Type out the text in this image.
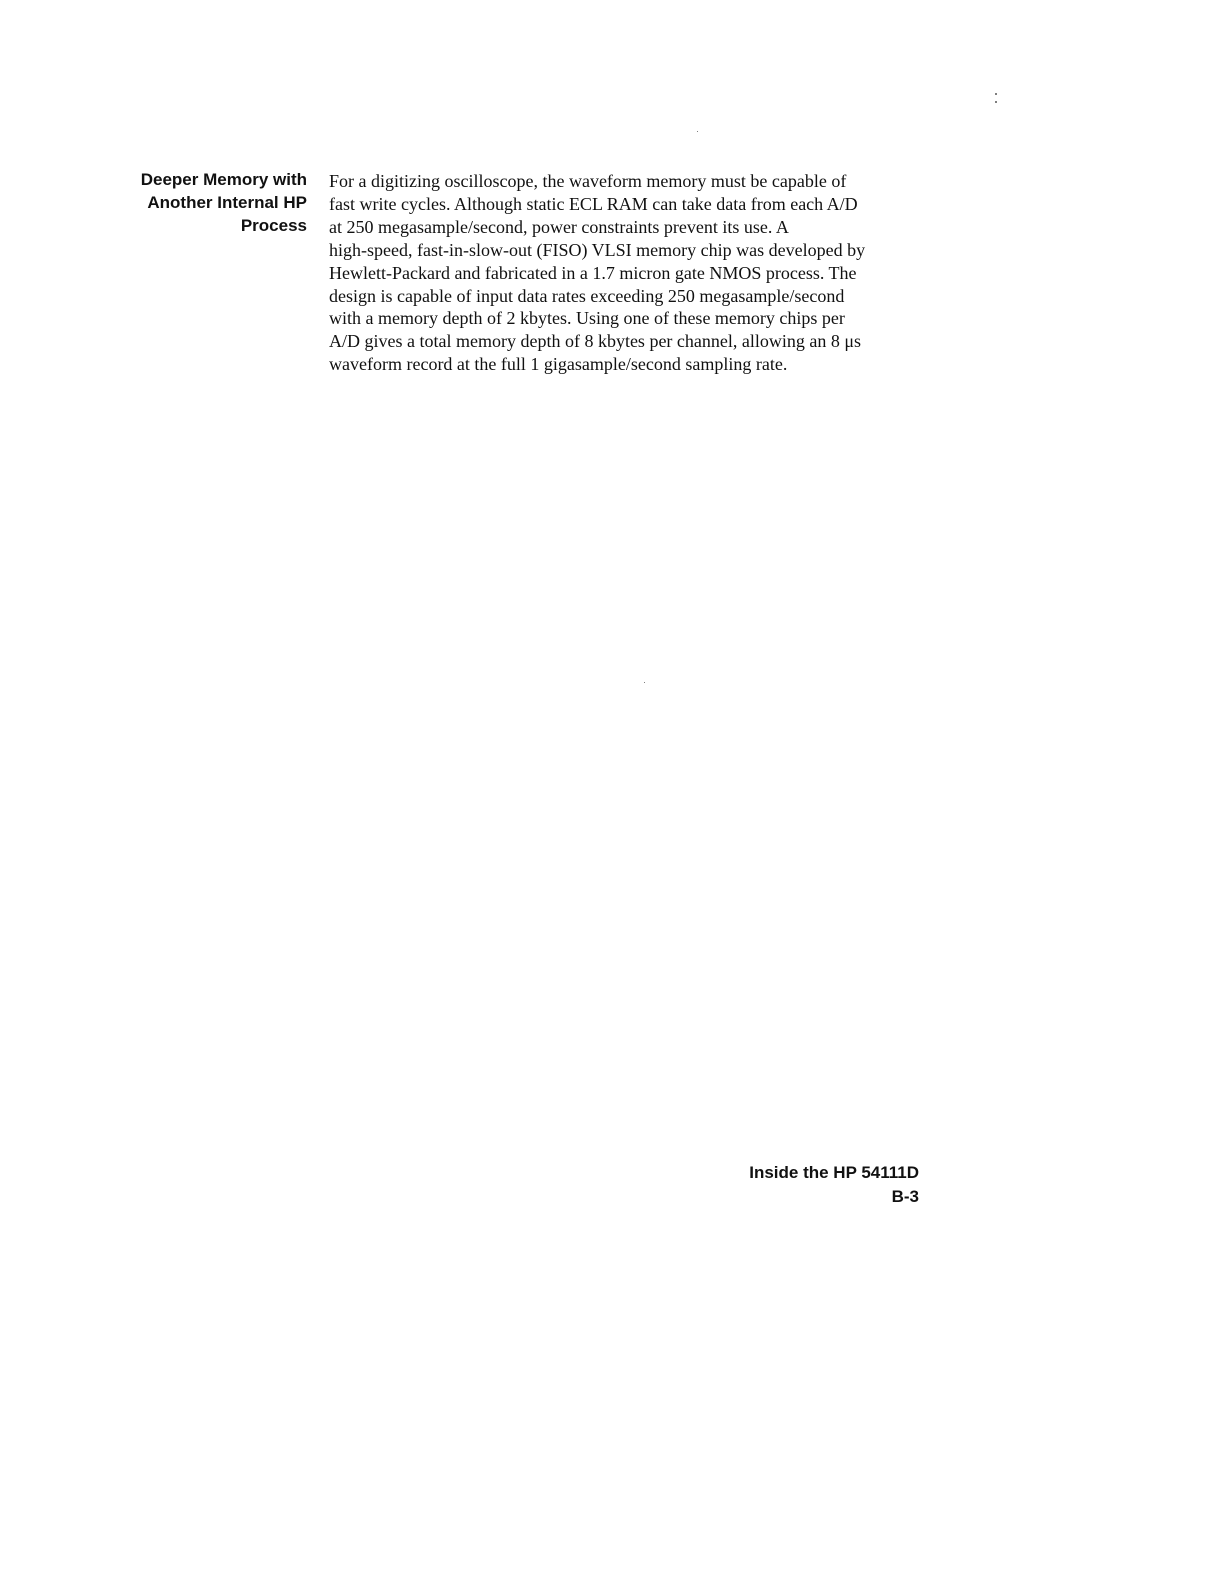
Deeper Memory with
Another Internal HP
Process
For a digitizing oscilloscope, the waveform memory must be capable of
fast write cycles. Although static ECL RAM can take data from each A/D
at 250 megasample/second, power constraints prevent its use. A
high-speed, fast-in-slow-out (FISO) VLSI memory chip was developed by
Hewlett-Packard and fabricated in a 1.7 micron gate NMOS process. The
design is capable of input data rates exceeding 250 megasample/second
with a memory depth of 2 kbytes. Using one of these memory chips per
A/D gives a total memory depth of 8 kbytes per channel, allowing an 8 μs
waveform record at the full 1 gigasample/second sampling rate.
Inside the HP 54111D
B-3
